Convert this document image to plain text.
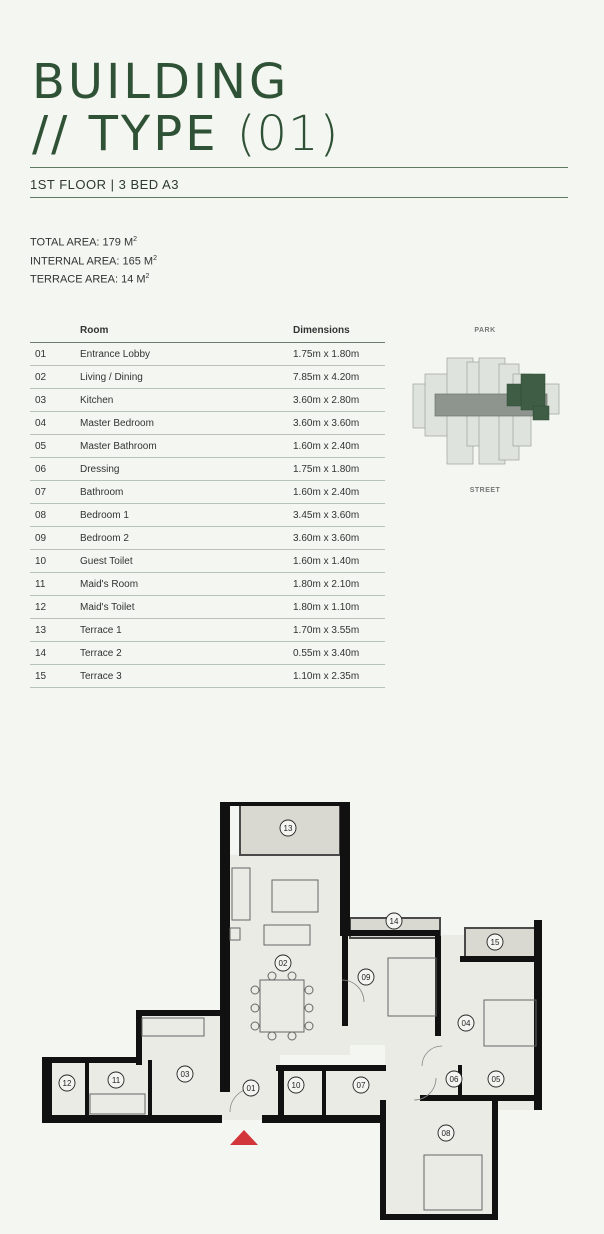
BUILDING
// TYPE (01)
1ST FLOOR | 3 BED A3
TOTAL AREA: 179 $M^2$
INTERNAL AREA: 165 $M^2$
TERRACE AREA: 14 $M^2$
	Room	Dimensions
01	Entrance Lobby	1.75m x 1.80m
02	Living / Dining	7.85m x 4.20m
03	Kitchen	3.60m x 2.80m
04	Master Bedroom	3.60m x 3.60m
05	Master Bathroom	1.60m x 2.40m
06	Dressing	1.75m x 1.80m
07	Bathroom	1.60m x 2.40m
08	Bedroom 1	3.45m x 3.60m
09	Bedroom 2	3.60m x 3.60m
10	Guest Toilet	1.60m x 1.40m
11	Maid's Room	1.80m x 2.10m
12	Maid's Toilet	1.80m x 1.10m
13	Terrace 1	1.70m x 3.55m
14	Terrace 2	0.55m x 3.40m
15	Terrace 3	1.10m x 2.35m
PARK
STREET
01
02
03
04
05
06
07
08
09
10
11
12
13
14
15
